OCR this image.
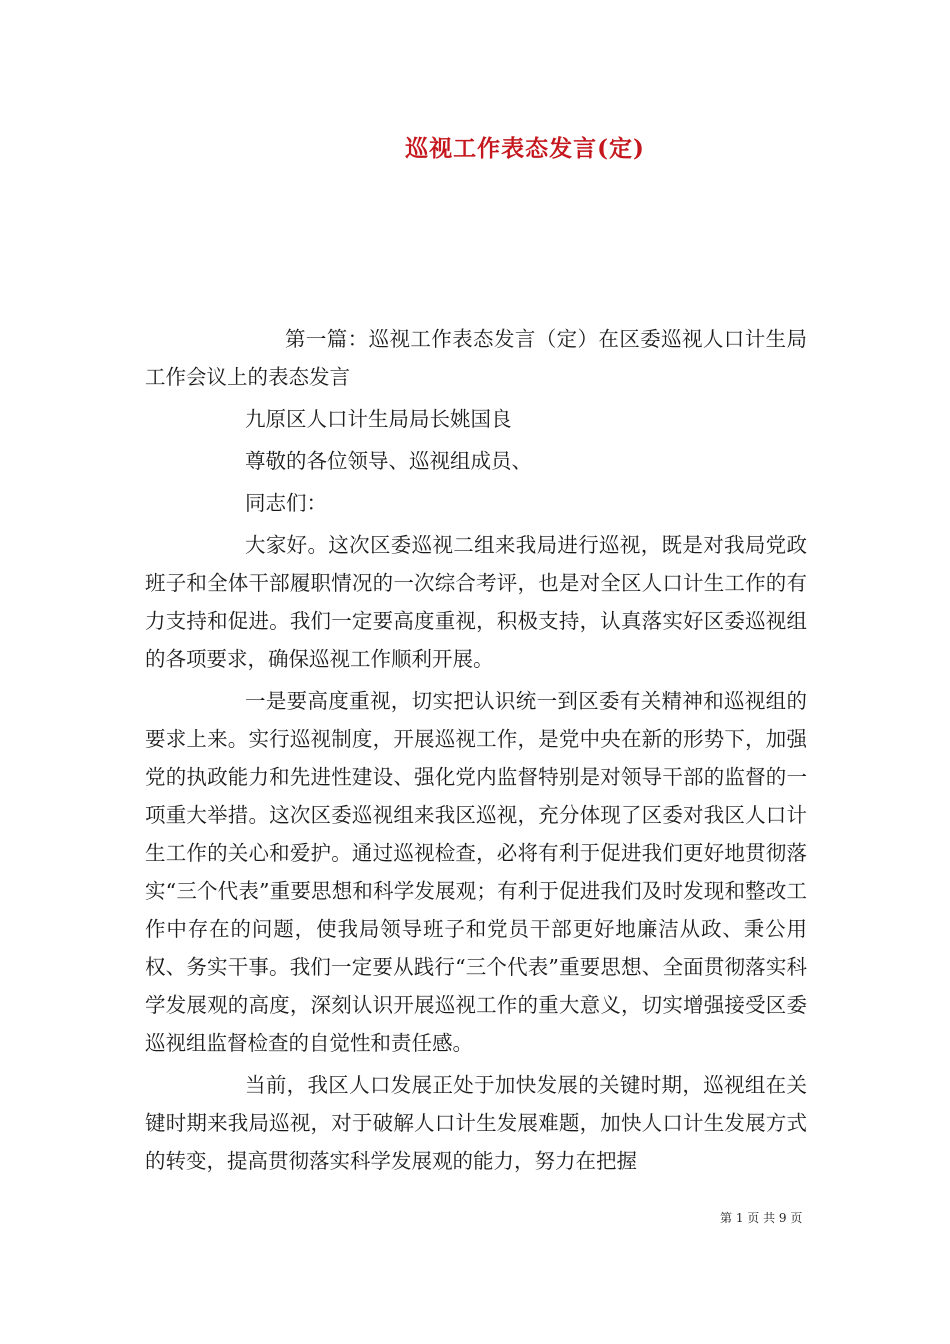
巡视工作表态发言(定)

第一篇：巡视工作表态发言（定）在区委巡视人口计生局工作会议上的表态发言

九原区人口计生局局长姚国良

尊敬的各位领导、巡视组成员、

同志们：

大家好。这次区委巡视二组来我局进行巡视，既是对我局党政班子和全体干部履职情况的一次综合考评，也是对全区人口计生工作的有力支持和促进。我们一定要高度重视，积极支持，认真落实好区委巡视组的各项要求，确保巡视工作顺利开展。

一是要高度重视，切实把认识统一到区委有关精神和巡视组的要求上来。实行巡视制度，开展巡视工作，是党中央在新的形势下，加强党的执政能力和先进性建设、强化党内监督特别是对领导干部的监督的一项重大举措。这次区委巡视组来我区巡视，充分体现了区委对我区人口计生工作的关心和爱护。通过巡视检查，必将有利于促进我们更好地贯彻落实“三个代表”重要思想和科学发展观；有利于促进我们及时发现和整改工作中存在的问题，使我局领导班子和党员干部更好地廉洁从政、秉公用权、务实干事。我们一定要从践行“三个代表”重要思想、全面贯彻落实科学发展观的高度，深刻认识开展巡视工作的重大意义，切实增强接受区委巡视组监督检查的自觉性和责任感。

当前，我区人口发展正处于加快发展的关键时期，巡视组在关键时期来我局巡视，对于破解人口计生发展难题，加快人口计生发展方式的转变，提高贯彻落实科学发展观的能力，努力在把握

第 1 页 共 9 页
